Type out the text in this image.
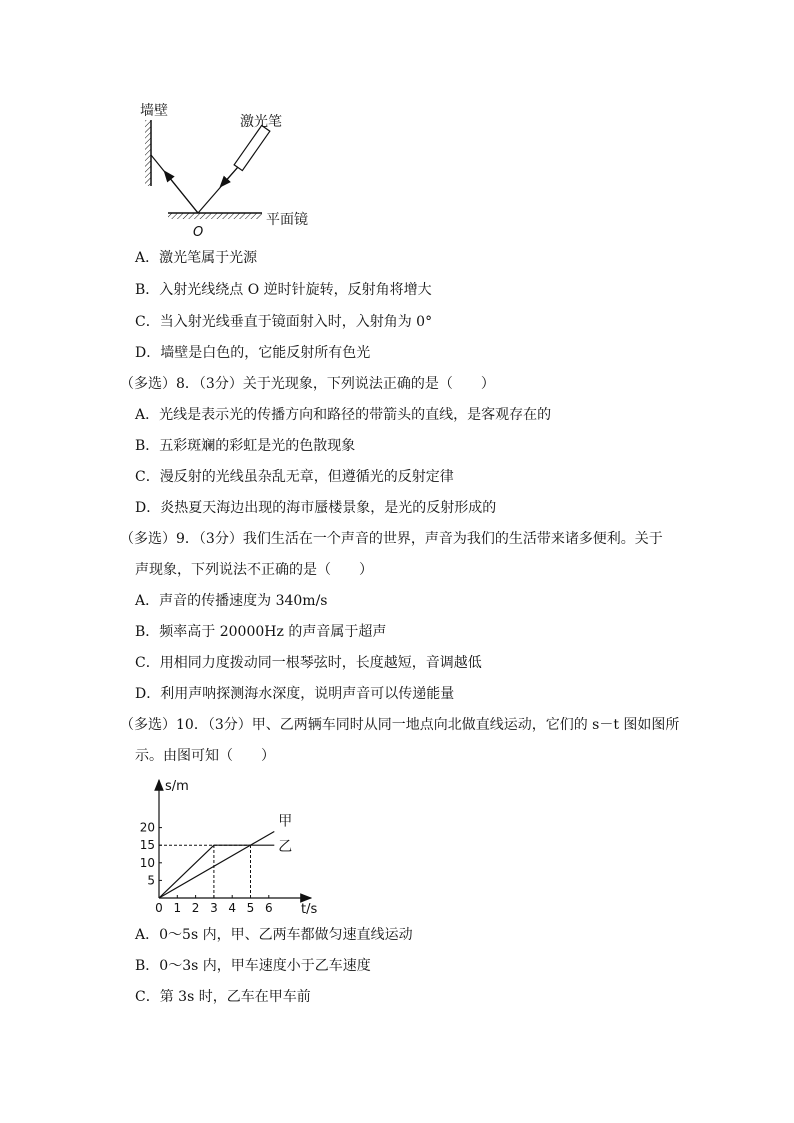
墙壁
激光笔
平面镜
O
A．激光笔属于光源
B．入射光线绕点 O 逆时针旋转，反射角将增大
C．当入射光线垂直于镜面射入时，入射角为 0°
D．墙壁是白色的，它能反射所有色光
（多选）8．（3分）关于光现象，下列说法正确的是（　　）
A．光线是表示光的传播方向和路径的带箭头的直线，是客观存在的
B．五彩斑斓的彩虹是光的色散现象
C．漫反射的光线虽杂乱无章，但遵循光的反射定律
D．炎热夏天海边出现的海市蜃楼景象，是光的反射形成的
（多选）9．（3分）我们生活在一个声音的世界，声音为我们的生活带来诸多便利。关于
声现象，下列说法不正确的是（　　）
A．声音的传播速度为 340m/s
B．频率高于 20000Hz 的声音属于超声
C．用相同力度拨动同一根琴弦时，长度越短，音调越低
D．利用声呐探测海水深度，说明声音可以传递能量
（多选）10．（3分）甲、乙两辆车同时从同一地点向北做直线运动，它们的 s－t 图如图所
示。由图可知（　　）
s/m
t/s
0 1 2 3 4 5 6
5
10
15
20	甲
乙
A．0～5s 内，甲、乙两车都做匀速直线运动
B．0～3s 内，甲车速度小于乙车速度
C．第 3s 时，乙车在甲车前
